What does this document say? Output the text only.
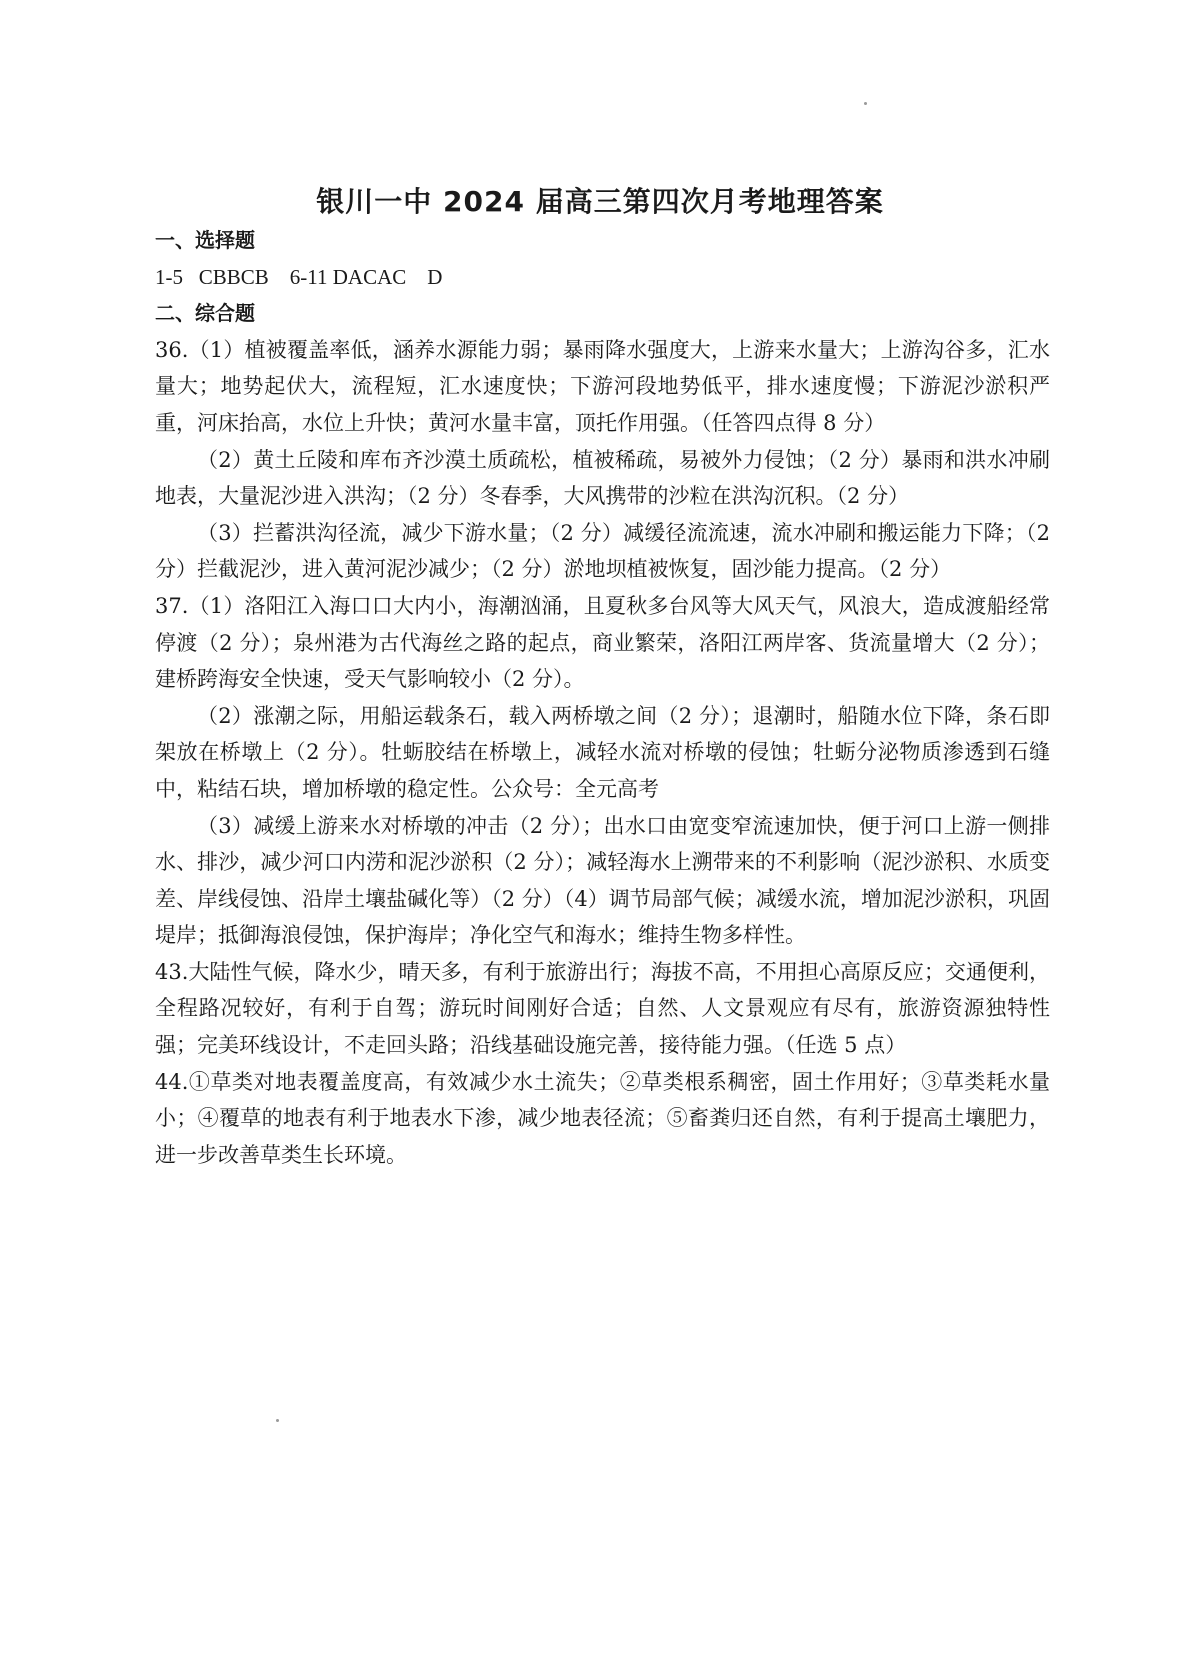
银川一中 2024 届高三第四次月考地理答案
一、选择题
1-5   CBBCB    6-11 DACAC    D
二、综合题

36.（1）植被覆盖率低，涵养水源能力弱；暴雨降水强度大，上游来水量大；上游沟谷多，汇水量大；地势起伏大，流程短，汇水速度快；下游河段地势低平，排水速度慢；下游泥沙淤积严重，河床抬高，水位上升快；黄河水量丰富，顶托作用强。（任答四点得 8 分）

（2）黄土丘陵和库布齐沙漠土质疏松，植被稀疏，易被外力侵蚀；（2 分）暴雨和洪水冲刷地表，大量泥沙进入洪沟；（2 分）冬春季，大风携带的沙粒在洪沟沉积。（2 分）

（3）拦蓄洪沟径流，减少下游水量；（2 分）减缓径流流速，流水冲刷和搬运能力下降；（2 分）拦截泥沙，进入黄河泥沙减少；（2 分）淤地坝植被恢复，固沙能力提高。（2 分）

37.（1）洛阳江入海口口大内小，海潮汹涌，且夏秋多台风等大风天气，风浪大，造成渡船经常停渡（2 分）；泉州港为古代海丝之路的起点，商业繁荣，洛阳江两岸客、货流量增大（2 分）；建桥跨海安全快速，受天气影响较小（2 分）。

（2）涨潮之际，用船运载条石，载入两桥墩之间（2 分）；退潮时，船随水位下降，条石即架放在桥墩上（2 分）。牡蛎胶结在桥墩上，减轻水流对桥墩的侵蚀；牡蛎分泌物质渗透到石缝中，粘结石块，增加桥墩的稳定性。公众号：全元高考

（3）减缓上游来水对桥墩的冲击（2 分）；出水口由宽变窄流速加快，便于河口上游一侧排水、排沙，减少河口内涝和泥沙淤积（2 分）；减轻海水上溯带来的不利影响（泥沙淤积、水质变差、岸线侵蚀、沿岸土壤盐碱化等）（2 分）（4）调节局部气候；减缓水流，增加泥沙淤积，巩固堤岸；抵御海浪侵蚀，保护海岸；净化空气和海水；维持生物多样性。

43.大陆性气候，降水少，晴天多，有利于旅游出行；海拔不高，不用担心高原反应；交通便利，全程路况较好，有利于自驾；游玩时间刚好合适；自然、人文景观应有尽有，旅游资源独特性强；完美环线设计，不走回头路；沿线基础设施完善，接待能力强。（任选 5 点）

44.①草类对地表覆盖度高，有效减少水土流失；②草类根系稠密，固土作用好；③草类耗水量小；④覆草的地表有利于地表水下渗，减少地表径流；⑤畜粪归还自然，有利于提高土壤肥力，进一步改善草类生长环境。
